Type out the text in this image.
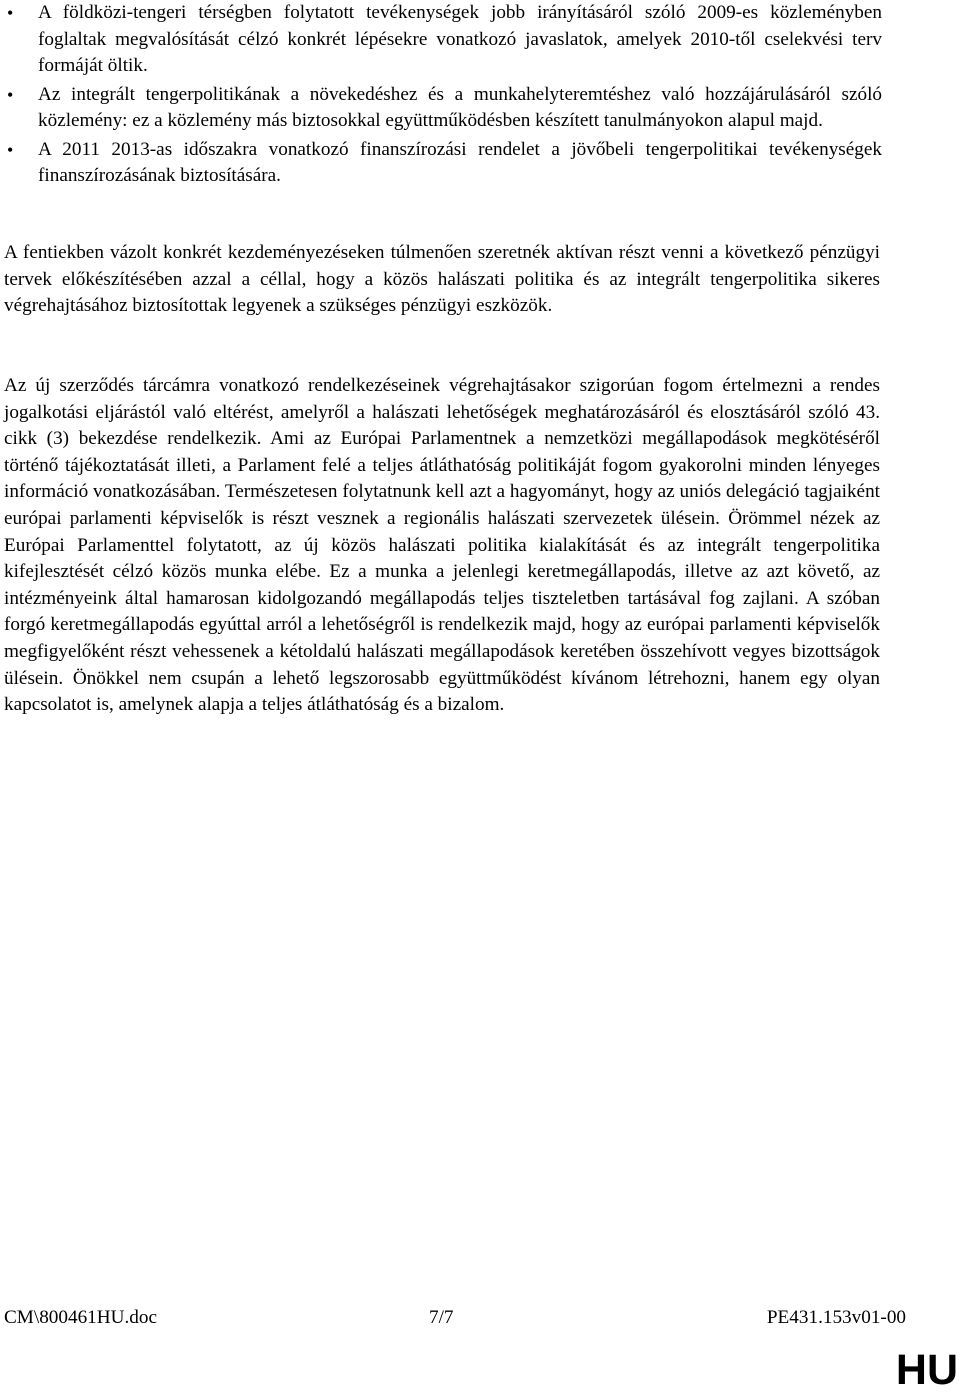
• A földközi-tengeri térségben folytatott tevékenységek jobb irányításáról szóló 2009-es közleményben foglaltak megvalósítását célzó konkrét lépésekre vonatkozó javaslatok, amelyek 2010-től cselekvési terv formáját öltik.
• Az integrált tengerpolitikának a növekedéshez és a munkahelyteremtéshez való hozzájárulásáról szóló közlemény: ez a közlemény más biztosokkal együttműködésben készített tanulmányokon alapul majd.
• A 2011 2013-as időszakra vonatkozó finanszírozási rendelet a jövőbeli tengerpolitikai tevékenységek finanszírozásának biztosítására.

A fentiekben vázolt konkrét kezdeményezéseken túlmenően szeretnék aktívan részt venni a következő pénzügyi tervek előkészítésében azzal a céllal, hogy a közös halászati politika és az integrált tengerpolitika sikeres végrehajtásához biztosítottak legyenek a szükséges pénzügyi eszközök.

Az új szerződés tárcámra vonatkozó rendelkezéseinek végrehajtásakor szigorúan fogom értelmezni a rendes jogalkotási eljárástól való eltérést, amelyről a halászati lehetőségek meghatározásáról és elosztásáról szóló 43. cikk (3) bekezdése rendelkezik. Ami az Európai Parlamentnek a nemzetközi megállapodások megkötéséről történő tájékoztatását illeti, a Parlament felé a teljes átláthatóság politikáját fogom gyakorolni minden lényeges információ vonatkozásában. Természetesen folytatnunk kell azt a hagyományt, hogy az uniós delegáció tagjaiként európai parlamenti képviselők is részt vesznek a regionális halászati szervezetek ülésein. Örömmel nézek az Európai Parlamenttel folytatott, az új közös halászati politika kialakítását és az integrált tengerpolitika kifejlesztését célzó közös munka elébe. Ez a munka a jelenlegi keretmegállapodás, illetve az azt követő, az intézményeink által hamarosan kidolgozandó megállapodás teljes tiszteletben tartásával fog zajlani. A szóban forgó keretmegállapodás egyúttal arról a lehetőségről is rendelkezik majd, hogy az európai parlamenti képviselők megfigyelőként részt vehessenek a kétoldalú halászati megállapodások keretében összehívott vegyes bizottságok ülésein. Önökkel nem csupán a lehető legszorosabb együttműködést kívánom létrehozni, hanem egy olyan kapcsolatot is, amelynek alapja a teljes átláthatóság és a bizalom.

CM\800461HU.doc	7/7	PE431.153v01-00
HU
